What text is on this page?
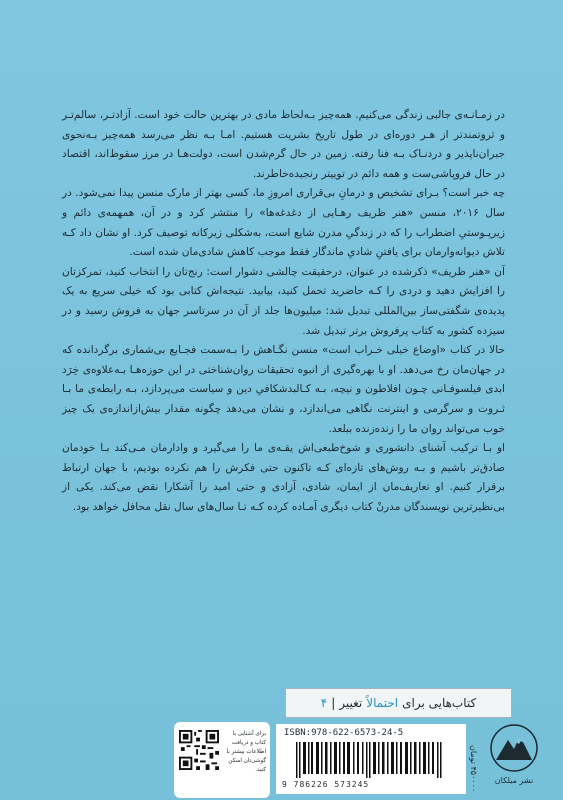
در زمـانـه‌ی جالبی زندگی می‌کنیم. همه‌چیز بـه‌لحاظ مادی در بهترین حالت خود است. آزادتـر، سالم‌تـر و ثروتمندتر از هـر دوره‌ای در طول تاریخ بشریت هستیم. امـا بـه نظر می‌رسد همه‌چیز بـه‌نحوی جبران‌ناپذیر و دردنـاک بـه فنا رفته. زمین در حال گرم‌شدن است، دولت‌هـا در مرز سقوط‌اند، اقتصاد در حال فروپاشی‌ست و همه دائم در توییتر رنجیده‌خاطرند.

چه خبر است؟ بـرای تشخیص و درمانِ بی‌قراری امروزِ ما، کسی بهتر از مارک منسن پیدا نمی‌شود. در سال ۲۰۱۶، منسن «هنر ظریف رهـایی از دغدغه‌ها» را منتشر کرد و در آن، همهمه‌ی دائم و زیرپـوستیِ اضطراب را که در زندگیِ مدرن شایع است، به‌شکلی زیرکانه توصیف کرد. او نشان داد کـه تلاش دیوانه‌وارمان برای یافتنِ شادیِ ماندگار فقط موجب کاهش شادی‌مان شده است.

آن «هنر ظریف» ذکرشده در عنوان، درحقیقت چالشی دشوار است: رنج‌تان را انتخاب کنید، تمرکزتان را افزایش دهید و دردی را کـه حاضرید تحمل کنید، بیابید. نتیجه‌اش کتابی بود که خیلی سریع به یک پدیده‌ی شگفتی‌ساز بین‌المللی تبدیل شد: میلیون‌ها جلد از آن در سرتاسر جهان به فروش رسید و در سیزده کشور به کتاب پرفروش برتر تبدیل شد.

حالا در کتاب «اوضاع خیلی خـراب است» منسن نگـاهش را بـه‌سمت فجـایع بی‌شماری برگردانده که در جهان‌مان رخ می‌دهد. او با بهره‌گیری از انبوه تحقیقات روان‌شناختی در این حوزه‌هـا بـه‌علاوه‌ی خِرَد ابدی فیلسوفـانی چـون افلاطون و نیچه، بـه کـالبدشکافیِ دین و سیاست می‌پردازد، بـه رابطه‌ی ما بـا ثـروت و سرگرمی و اینترنت نگاهی می‌اندازد، و نشان می‌دهد چگونه مقدار بیش‌ازاندازه‌ی یک چیز خوب می‌تواند روان ما را زنده‌زنده ببلعد.

او بـا ترکیب آشنای دانشوری و شوخ‌طبعی‌اش یقـه‌ی ما را می‌گیرد و وادارمان مـی‌کند بـا خودمان صادق‌تر باشیم و بـه روش‌های تازه‌ای کـه تاکنون حتی فکرش را هم نکرده بودیم، با جهان ارتباط برقرار کنیم. او تعاریف‌مان از ایمان، شادی، آزادی و حتی امید را آشکارا نقض می‌کند. یکی از بی‌نظیرترین نویسندگان مدرنْ کتاب دیگری آمـاده کرده کـه تـا سال‌های سال نقل محافل خواهد بود.

کتاب‌هایی برای
احتمالاً
تغییر
|
۴
برای آشنایی با کتاب و دریافت اطلاعات بیشتر با گوشی‌تان اسکن کنید.
ISBN:978-622-6573-24-5
9 786226 573245
۴۵۰۰۰۰ تومان	نشر میلکان
